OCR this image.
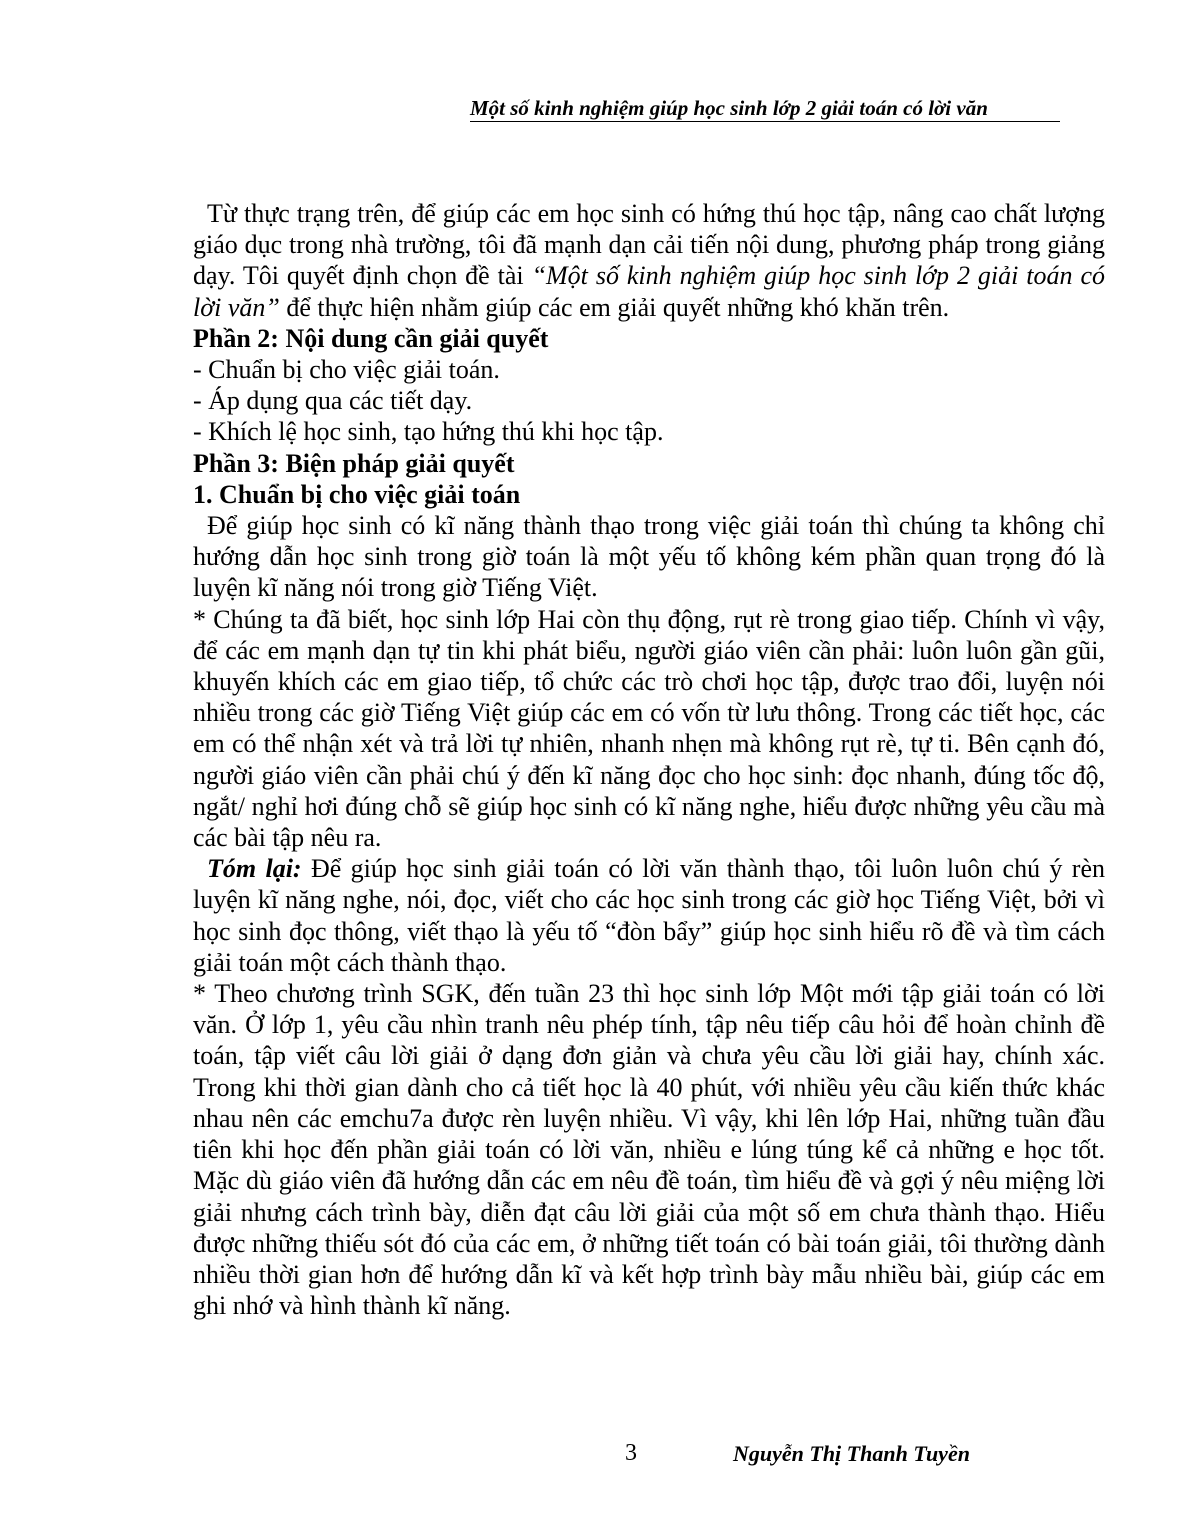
Một số kinh nghiệm giúp học sinh lớp 2 giải toán có lời văn

Từ thực trạng trên, để giúp các em học sinh có hứng thú học tập, nâng cao chất lượng giáo dục trong nhà trường, tôi đã mạnh dạn cải tiến nội dung, phương pháp trong giảng dạy. Tôi quyết định chọn đề tài “Một số kinh nghiệm giúp học sinh lớp 2 giải toán có lời văn” để thực hiện nhằm giúp các em giải quyết những khó khăn trên.

Phần 2: Nội dung cần giải quyết

- Chuẩn bị cho việc giải toán.

- Áp dụng qua các tiết dạy.

- Khích lệ học sinh, tạo hứng thú khi học tập.

Phần 3: Biện pháp giải quyết

1. Chuẩn bị cho việc giải toán

Để giúp học sinh có kĩ năng thành thạo trong việc giải toán thì chúng ta không chỉ hướng dẫn học sinh trong giờ toán là một yếu tố không kém phần quan trọng đó là luyện kĩ năng nói trong giờ Tiếng Việt.

* Chúng ta đã biết, học sinh lớp Hai còn thụ động, rụt rè trong giao tiếp. Chính vì vậy, để các em mạnh dạn tự tin khi phát biểu, người giáo viên cần phải: luôn luôn gần gũi, khuyến khích các em giao tiếp, tổ chức các trò chơi học tập, được trao đổi, luyện nói nhiều trong các giờ Tiếng Việt giúp các em có vốn từ lưu thông. Trong các tiết học, các em có thể nhận xét và trả lời tự nhiên, nhanh nhẹn mà không rụt rè, tự ti. Bên cạnh đó, người giáo viên cần phải chú ý đến kĩ năng đọc cho học sinh: đọc nhanh, đúng tốc độ, ngắt/ nghỉ hơi đúng chỗ sẽ giúp học sinh có kĩ năng nghe, hiểu được những yêu cầu mà các bài tập nêu ra.

Tóm lại: Để giúp học sinh giải toán có lời văn thành thạo, tôi luôn luôn chú ý rèn luyện kĩ năng nghe, nói, đọc, viết cho các học sinh trong các giờ học Tiếng Việt, bởi vì học sinh đọc thông, viết thạo là yếu tố “đòn bẩy” giúp học sinh hiểu rõ đề và tìm cách giải toán một cách thành thạo.

* Theo chương trình SGK, đến tuần 23 thì học sinh lớp Một mới tập giải toán có lời văn. Ở lớp 1, yêu cầu nhìn tranh nêu phép tính, tập nêu tiếp câu hỏi để hoàn chỉnh đề toán, tập viết câu lời giải ở dạng đơn giản và chưa yêu cầu lời giải hay, chính xác. Trong khi thời gian dành cho cả tiết học là 40 phút, với nhiều yêu cầu kiến thức khác nhau nên các emchu7a được rèn luyện nhiều. Vì vậy, khi lên lớp Hai, những tuần đầu tiên khi học đến phần giải toán có lời văn, nhiều e lúng túng kể cả những e học tốt. Mặc dù giáo viên đã hướng dẫn các em nêu đề toán, tìm hiểu đề và gợi ý nêu miệng lời giải nhưng cách trình bày, diễn đạt câu lời giải của một số em chưa thành thạo. Hiểu được những thiếu sót đó của các em, ở những tiết toán có bài toán giải, tôi thường dành nhiều thời gian hơn để hướng dẫn kĩ và kết hợp trình bày mẫu nhiều bài, giúp các em ghi nhớ và hình thành kĩ năng.

3	Nguyễn Thị Thanh Tuyền
